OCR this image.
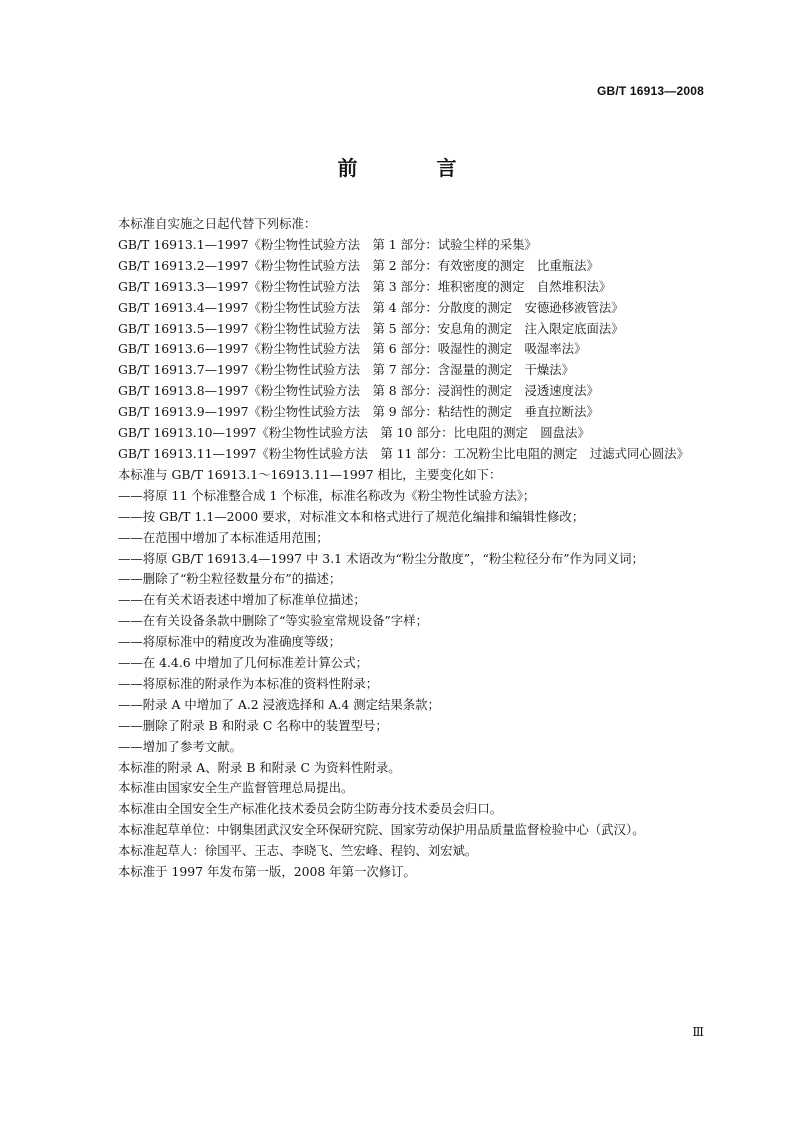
GB/T 16913—2008
前 言
本标准自实施之日起代替下列标准：
GB/T 16913.1—1997《粉尘物性试验方法　第 1 部分：试验尘样的采集》
GB/T 16913.2—1997《粉尘物性试验方法　第 2 部分：有效密度的测定　比重瓶法》
GB/T 16913.3—1997《粉尘物性试验方法　第 3 部分：堆积密度的测定　自然堆积法》
GB/T 16913.4—1997《粉尘物性试验方法　第 4 部分：分散度的测定　安德逊移液管法》
GB/T 16913.5—1997《粉尘物性试验方法　第 5 部分：安息角的测定　注入限定底面法》
GB/T 16913.6—1997《粉尘物性试验方法　第 6 部分：吸湿性的测定　吸湿率法》
GB/T 16913.7—1997《粉尘物性试验方法　第 7 部分：含湿量的测定　干燥法》
GB/T 16913.8—1997《粉尘物性试验方法　第 8 部分：浸润性的测定　浸透速度法》
GB/T 16913.9—1997《粉尘物性试验方法　第 9 部分：粘结性的测定　垂直拉断法》
GB/T 16913.10—1997《粉尘物性试验方法　第 10 部分：比电阻的测定　圆盘法》
GB/T 16913.11—1997《粉尘物性试验方法　第 11 部分：工况粉尘比电阻的测定　过滤式同心圆法》
本标准与 GB/T 16913.1～16913.11—1997 相比，主要变化如下：
——将原 11 个标准整合成 1 个标准，标准名称改为《粉尘物性试验方法》；
——按 GB/T 1.1—2000 要求，对标准文本和格式进行了规范化编排和编辑性修改；
——在范围中增加了本标准适用范围；
——将原 GB/T 16913.4—1997 中 3.1 术语改为“粉尘分散度”，“粉尘粒径分布”作为同义词；
——删除了“粉尘粒径数量分布”的描述；
——在有关术语表述中增加了标准单位描述；
——在有关设备条款中删除了“等实验室常规设备”字样；
——将原标准中的精度改为准确度等级；
——在 4.4.6 中增加了几何标准差计算公式；
——将原标准的附录作为本标准的资料性附录；
——附录 A 中增加了 A.2 浸液选择和 A.4 测定结果条款；
——删除了附录 B 和附录 C 名称中的装置型号；
——增加了参考文献。
本标准的附录 A、附录 B 和附录 C 为资料性附录。
本标准由国家安全生产监督管理总局提出。
本标准由全国安全生产标准化技术委员会防尘防毒分技术委员会归口。
本标准起草单位：中钢集团武汉安全环保研究院、国家劳动保护用品质量监督检验中心（武汉）。
本标准起草人：徐国平、王志、李晓飞、竺宏峰、程钧、刘宏斌。
本标准于 1997 年发布第一版，2008 年第一次修订。
Ⅲ
